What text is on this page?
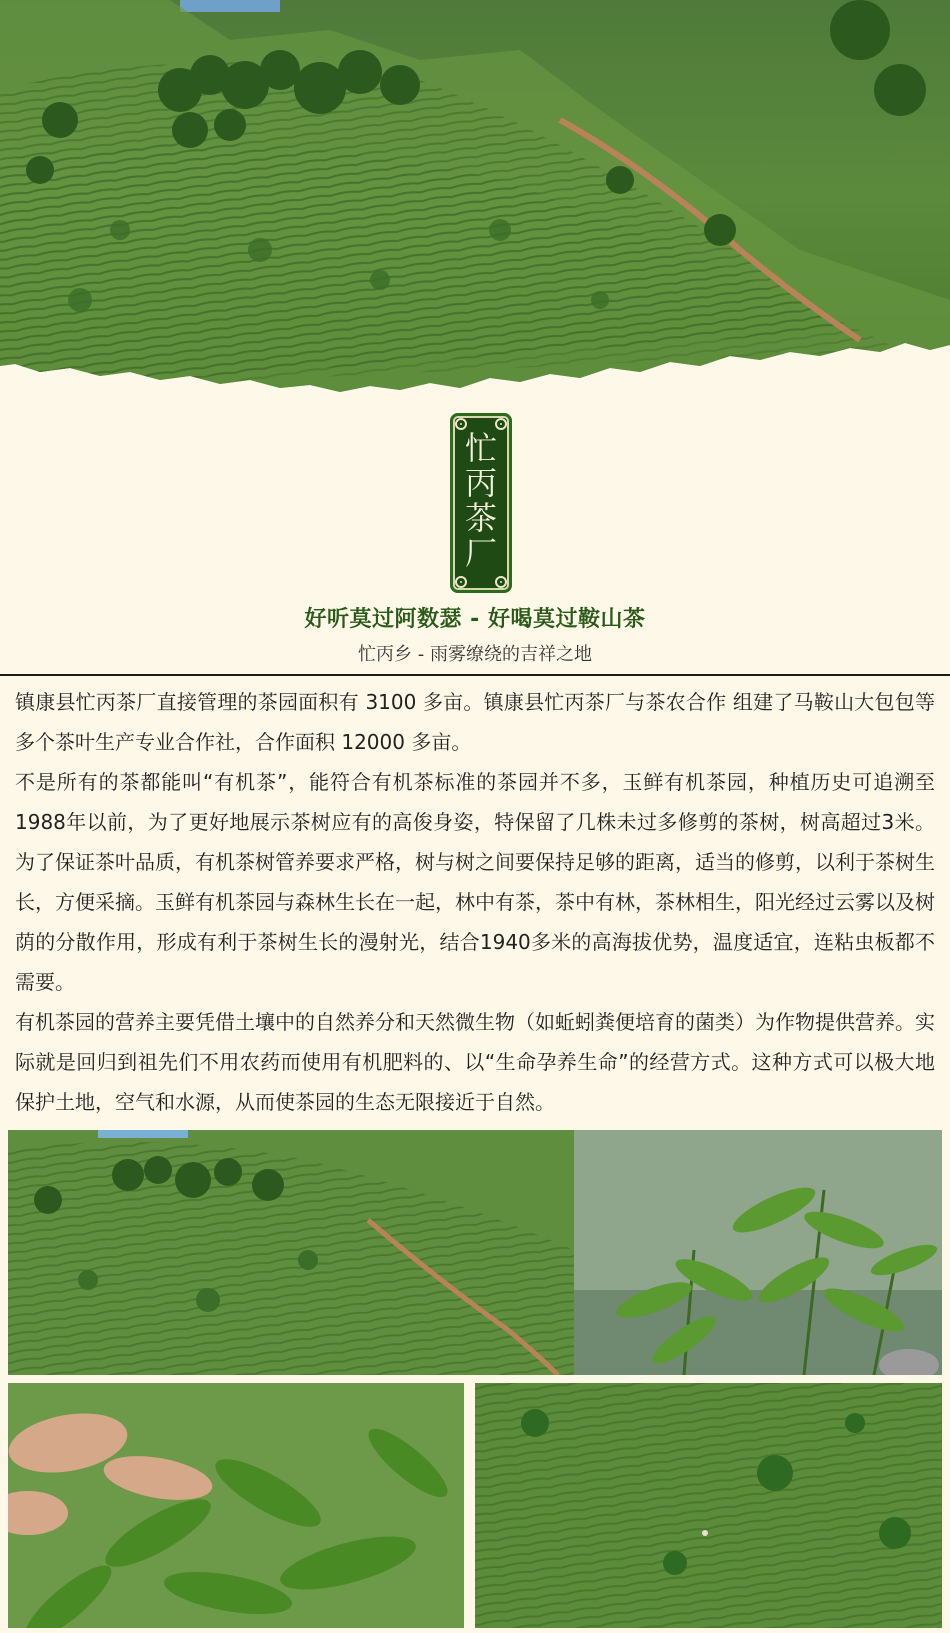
忙
丙
茶
厂
好听莫过阿数瑟 - 好喝莫过鞍山茶
忙丙乡 - 雨雾缭绕的吉祥之地

镇康县忙丙茶厂直接管理的茶园面积有 3100 多亩。镇康县忙丙茶厂与茶农合作 组建了马鞍山大包包等多个茶叶生产专业合作社，合作面积 12000 多亩。

不是所有的茶都能叫“有机茶”，能符合有机茶标准的茶园并不多，玉鲜有机茶园，种植历史可追溯至1988年以前，为了更好地展示茶树应有的高俊身姿，特保留了几株未过多修剪的茶树，树高超过3米。为了保证茶叶品质，有机茶树管养要求严格，树与树之间要保持足够的距离，适当的修剪，以利于茶树生长，方便采摘。玉鲜有机茶园与森林生长在一起，林中有茶，茶中有林，茶林相生，阳光经过云雾以及树荫的分散作用，形成有利于茶树生长的漫射光，结合1940多米的高海拔优势，温度适宜，连粘虫板都不需要。

有机茶园的营养主要凭借土壤中的自然养分和天然微生物（如蚯蚓粪便培育的菌类）为作物提供营养。实际就是回归到祖先们不用农药而使用有机肥料的、以“生命孕养生命”的经营方式。这种方式可以极大地保护土地，空气和水源，从而使茶园的生态无限接近于自然。
